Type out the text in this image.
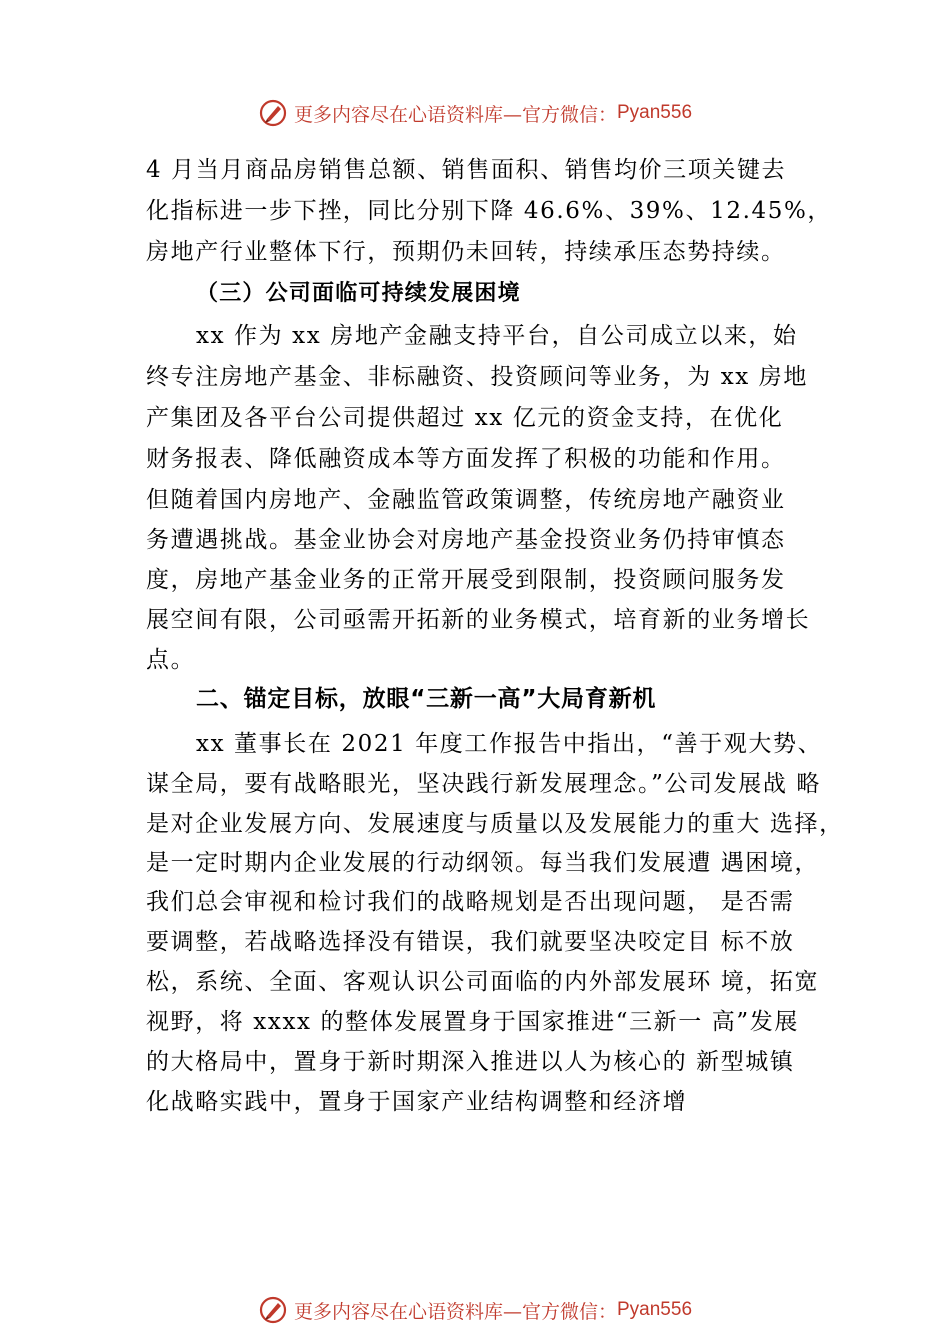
更多内容尽在心语资料库—官方微信： Pyan556
4 月当月商品房销售总额、销售面积、销售均价三项关键去
化指标进一步下挫，同比分别下降 46.6%、39%、12.45%，
房地产行业整体下行，预期仍未回转，持续承压态势持续。
（三）公司面临可持续发展困境
xx 作为 xx 房地产金融支持平台，自公司成立以来，始
终专注房地产基金、非标融资、投资顾问等业务，为 xx 房地
产集团及各平台公司提供超过 xx 亿元的资金支持，在优化
财务报表、降低融资成本等方面发挥了积极的功能和作用。
但随着国内房地产、金融监管政策调整，传统房地产融资业
务遭遇挑战。基金业协会对房地产基金投资业务仍持审慎态
度，房地产基金业务的正常开展受到限制，投资顾问服务发
展空间有限，公司亟需开拓新的业务模式，培育新的业务增长
点。
二、锚定目标，放眼“三新一高”大局育新机
xx 董事长在 2021 年度工作报告中指出，“善于观大势、
谋全局，要有战略眼光，坚决践行新发展理念。”公司发展战 略
是对企业发展方向、发展速度与质量以及发展能力的重大 选择，
是一定时期内企业发展的行动纲领。每当我们发展遭 遇困境，
我们总会审视和检讨我们的战略规划是否出现问题， 是否需
要调整，若战略选择没有错误，我们就要坚决咬定目 标不放
松，系统、全面、客观认识公司面临的内外部发展环 境，拓宽
视野，将 xxxx 的整体发展置身于国家推进“三新一 高”发展
的大格局中，置身于新时期深入推进以人为核心的 新型城镇
化战略实践中，置身于国家产业结构调整和经济增
更多内容尽在心语资料库—官方微信： Pyan556
